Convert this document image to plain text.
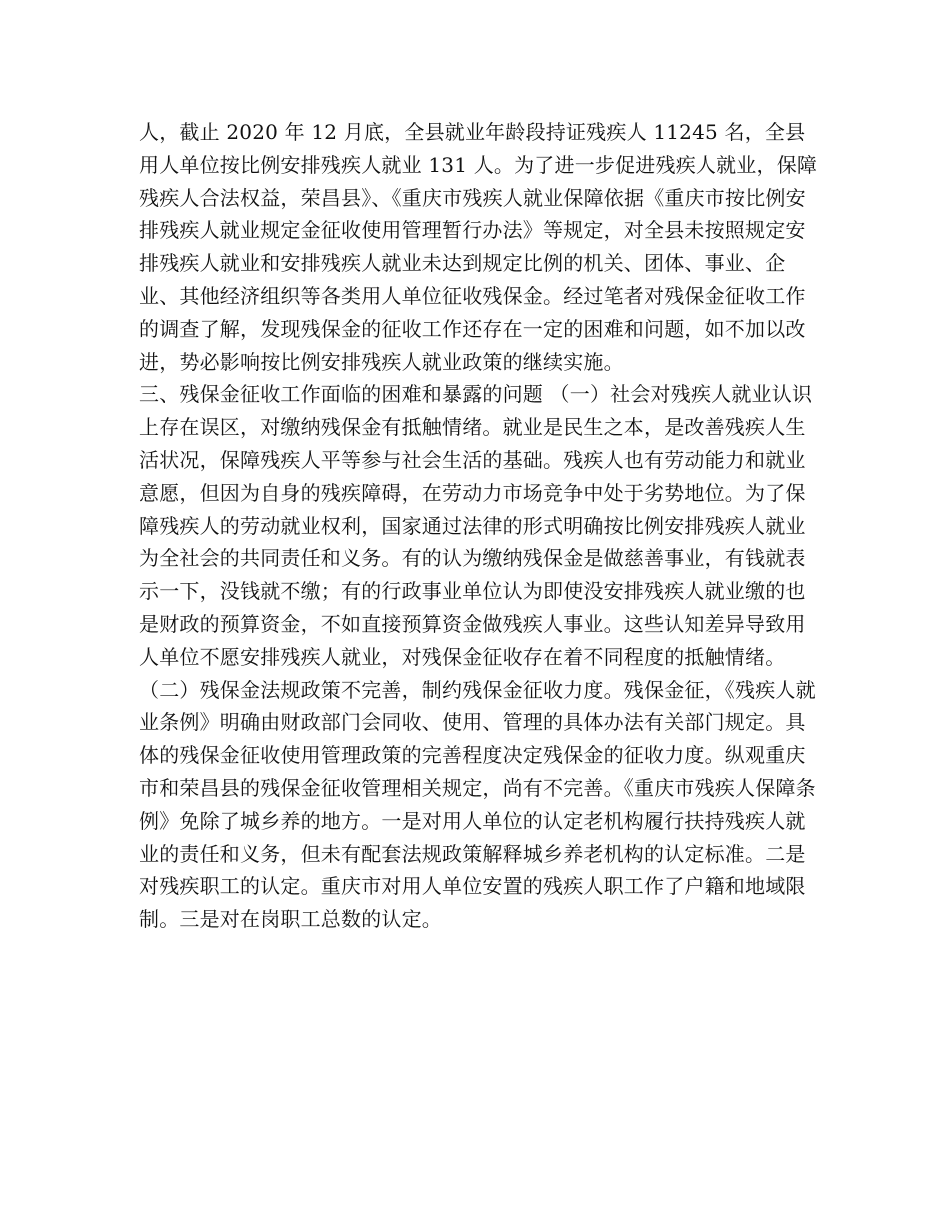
人，截止 2020 年 12 月底，全县就业年龄段持证残疾人 11245 名，全县用人单位按比例安排残疾人就业 131 人。为了进一步促进残疾人就业，保障残疾人合法权益，荣昌县》、《重庆市残疾人就业保障依据《重庆市按比例安排残疾人就业规定金征收使用管理暂行办法》等规定，对全县未按照规定安排残疾人就业和安排残疾人就业未达到规定比例的机关、团体、事业、企业、其他经济组织等各类用人单位征收残保金。经过笔者对残保金征收工作的调查了解，发现残保金的征收工作还存在一定的困难和问题，如不加以改进，势必影响按比例安排残疾人就业政策的继续实施。

三、残保金征收工作面临的困难和暴露的问题 （一）社会对残疾人就业认识上存在误区，对缴纳残保金有抵触情绪。就业是民生之本，是改善残疾人生活状况，保障残疾人平等参与社会生活的基础。残疾人也有劳动能力和就业意愿，但因为自身的残疾障碍，在劳动力市场竞争中处于劣势地位。为了保障残疾人的劳动就业权利，国家通过法律的形式明确按比例安排残疾人就业为全社会的共同责任和义务。有的认为缴纳残保金是做慈善事业，有钱就表示一下，没钱就不缴；有的行政事业单位认为即使没安排残疾人就业缴的也是财政的预算资金，不如直接预算资金做残疾人事业。这些认知差异导致用人单位不愿安排残疾人就业，对残保金征收存在着不同程度的抵触情绪。

（二）残保金法规政策不完善，制约残保金征收力度。残保金征，《残疾人就业条例》明确由财政部门会同收、使用、管理的具体办法有关部门规定。具体的残保金征收使用管理政策的完善程度决定残保金的征收力度。纵观重庆市和荣昌县的残保金征收管理相关规定，尚有不完善。《重庆市残疾人保障条例》免除了城乡养的地方。一是对用人单位的认定老机构履行扶持残疾人就业的责任和义务，但未有配套法规政策解释城乡养老机构的认定标准。二是对残疾职工的认定。重庆市对用人单位安置的残疾人职工作了户籍和地域限制。三是对在岗职工总数的认定。
